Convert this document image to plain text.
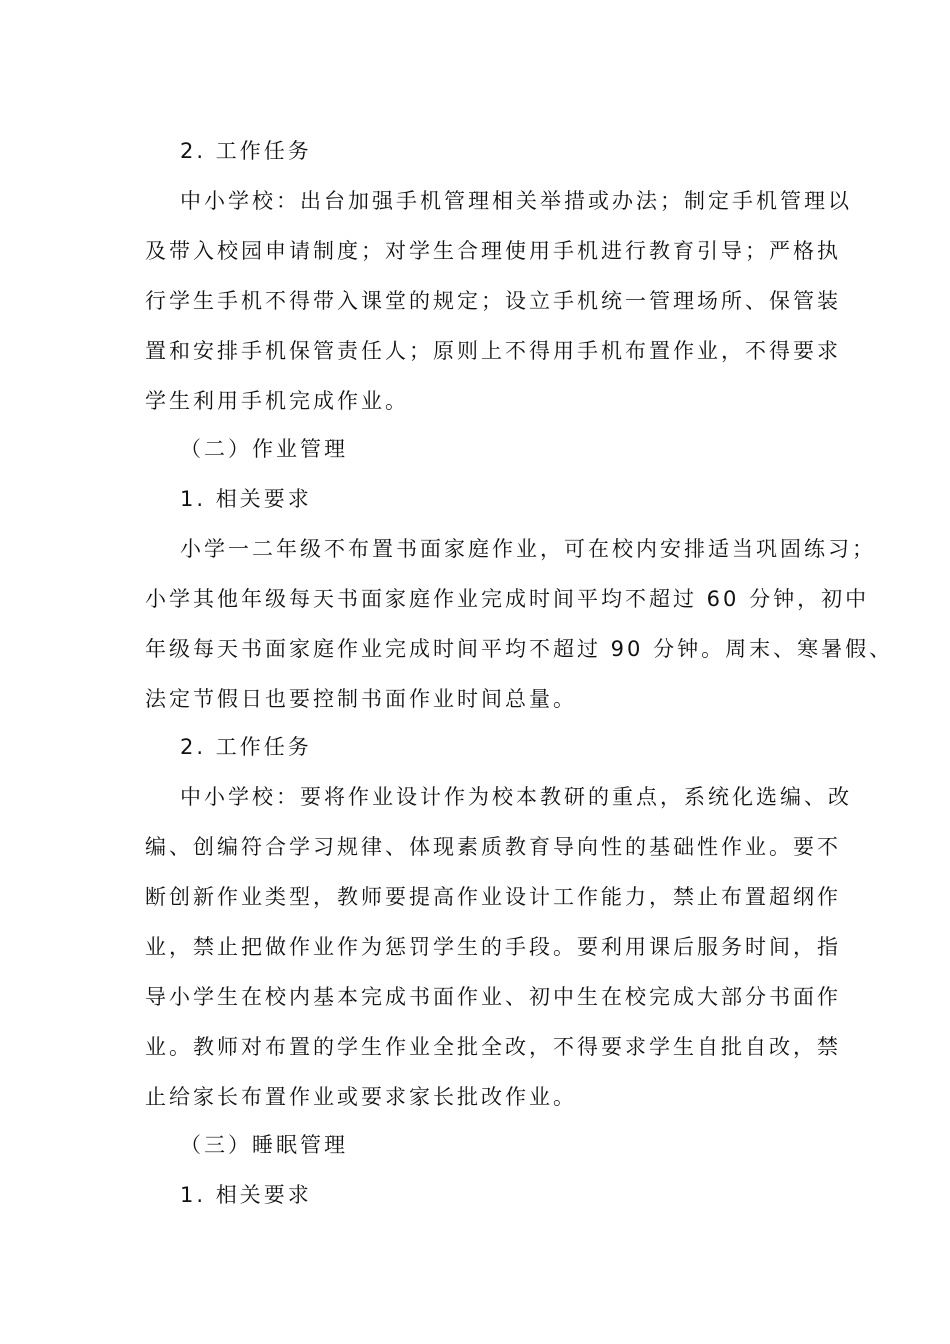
2. 工作任务
中小学校：出台加强手机管理相关举措或办法；制定手机管理以
及带入校园申请制度；对学生合理使用手机进行教育引导；严格执
行学生手机不得带入课堂的规定；设立手机统一管理场所、保管装
置和安排手机保管责任人；原则上不得用手机布置作业，不得要求
学生利用手机完成作业。
（二）作业管理
1. 相关要求
小学一二年级不布置书面家庭作业，可在校内安排适当巩固练习；
小学其他年级每天书面家庭作业完成时间平均不超过 60 分钟，初中
年级每天书面家庭作业完成时间平均不超过 90 分钟。周末、寒暑假、
法定节假日也要控制书面作业时间总量。
2. 工作任务
中小学校：要将作业设计作为校本教研的重点，系统化选编、改
编、创编符合学习规律、体现素质教育导向性的基础性作业。要不
断创新作业类型，教师要提高作业设计工作能力，禁止布置超纲作
业，禁止把做作业作为惩罚学生的手段。要利用课后服务时间，指
导小学生在校内基本完成书面作业、初中生在校完成大部分书面作
业。教师对布置的学生作业全批全改，不得要求学生自批自改，禁
止给家长布置作业或要求家长批改作业。
（三）睡眠管理
1. 相关要求
